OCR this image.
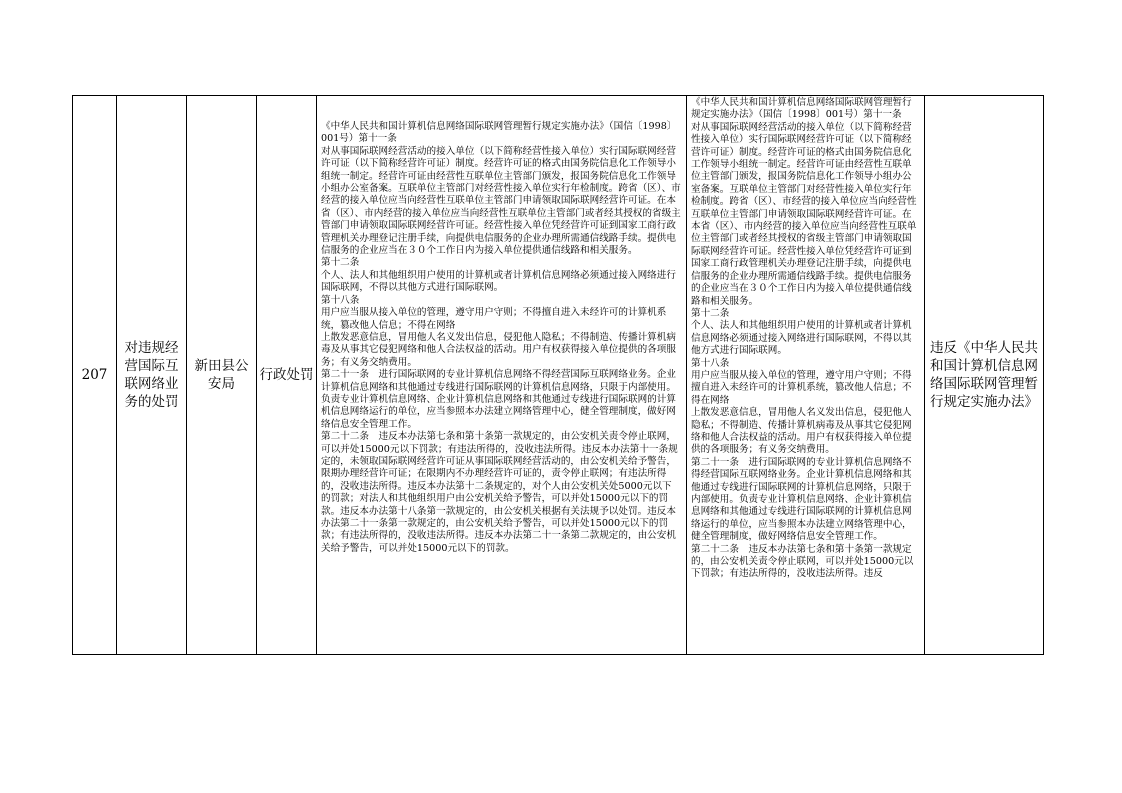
207
对违规经营国际互联网络业务的处罚
新田县公安局
行政处罚
《中华人民共和国计算机信息网络国际联网管理暂行规定实施办法》（国信〔1998〕001号）第十一条
对从事国际联网经营活动的接入单位（以下简称经营性接入单位）实行国际联网经营许可证（以下简称经营许可证）制度。经营许可证的格式由国务院信息化工作领导小组统一制定。经营许可证由经营性互联单位主管部门颁发，报国务院信息化工作领导小组办公室备案。互联单位主管部门对经营性接入单位实行年检制度。跨省（区）、市经营的接入单位应当向经营性互联单位主管部门申请领取国际联网经营许可证。在本省（区）、市内经营的接入单位应当向经营性互联单位主管部门或者经其授权的省级主管部门申请领取国际联网经营许可证。经营性接入单位凭经营许可证到国家工商行政管理机关办理登记注册手续，向提供电信服务的企业办理所需通信线路手续。提供电信服务的企业应当在３０个工作日内为接入单位提供通信线路和相关服务。
第十二条
个人、法人和其他组织用户使用的计算机或者计算机信息网络必须通过接入网络进行国际联网，不得以其他方式进行国际联网。
第十八条
用户应当服从接入单位的管理，遵守用户守则；不得擅自进入未经许可的计算机系统，篡改他人信息；不得在网络
上散发恶意信息，冒用他人名义发出信息，侵犯他人隐私；不得制造、传播计算机病毒及从事其它侵犯网络和他人合法权益的活动。用户有权获得接入单位提供的各项服务；有义务交纳费用。
第二十一条　进行国际联网的专业计算机信息网络不得经营国际互联网络业务。企业计算机信息网络和其他通过专线进行国际联网的计算机信息网络，只限于内部使用。负责专业计算机信息网络、企业计算机信息网络和其他通过专线进行国际联网的计算机信息网络运行的单位，应当参照本办法建立网络管理中心，健全管理制度，做好网络信息安全管理工作。
第二十二条　违反本办法第七条和第十条第一款规定的，由公安机关责令停止联网，可以并处15000元以下罚款；有违法所得的，没收违法所得。违反本办法第十一条规定的，未领取国际联网经营许可证从事国际联网经营活动的，由公安机关给予警告，限期办理经营许可证；在限期内不办理经营许可证的，责令停止联网；有违法所得的，没收违法所得。违反本办法第十二条规定的，对个人由公安机关处5000元以下的罚款；对法人和其他组织用户由公安机关给予警告，可以并处15000元以下的罚款。违反本办法第十八条第一款规定的，由公安机关根据有关法规予以处罚。违反本办法第二十一条第一款规定的，由公安机关给予警告，可以并处15000元以下的罚款；有违法所得的，没收违法所得。违反本办法第二十一条第二款规定的，由公安机关给予警告，可以并处15000元以下的罚款。
《中华人民共和国计算机信息网络国际联网管理暂行规定实施办法》（国信〔1998〕001号）第十一条
对从事国际联网经营活动的接入单位（以下简称经营性接入单位）实行国际联网经营许可证（以下简称经营许可证）制度。经营许可证的格式由国务院信息化工作领导小组统一制定。经营许可证由经营性互联单位主管部门颁发，报国务院信息化工作领导小组办公室备案。互联单位主管部门对经营性接入单位实行年检制度。跨省（区）、市经营的接入单位应当向经营性互联单位主管部门申请领取国际联网经营许可证。在本省（区）、市内经营的接入单位应当向经营性互联单位主管部门或者经其授权的省级主管部门申请领取国际联网经营许可证。经营性接入单位凭经营许可证到国家工商行政管理机关办理登记注册手续，向提供电信服务的企业办理所需通信线路手续。提供电信服务的企业应当在３０个工作日内为接入单位提供通信线路和相关服务。
第十二条
个人、法人和其他组织用户使用的计算机或者计算机信息网络必须通过接入网络进行国际联网，不得以其他方式进行国际联网。
第十八条
用户应当服从接入单位的管理，遵守用户守则；不得擅自进入未经许可的计算机系统，篡改他人信息；不得在网络
上散发恶意信息，冒用他人名义发出信息，侵犯他人隐私；不得制造、传播计算机病毒及从事其它侵犯网络和他人合法权益的活动。用户有权获得接入单位提供的各项服务；有义务交纳费用。
第二十一条　进行国际联网的专业计算机信息网络不得经营国际互联网络业务。企业计算机信息网络和其他通过专线进行国际联网的计算机信息网络，只限于内部使用。负责专业计算机信息网络、企业计算机信息网络和其他通过专线进行国际联网的计算机信息网络运行的单位，应当参照本办法建立网络管理中心，健全管理制度，做好网络信息安全管理工作。
第二十二条　违反本办法第七条和第十条第一款规定的，由公安机关责令停止联网，可以并处15000元以下罚款；有违法所得的，没收违法所得。违反
违反《中华人民共和国计算机信息网络国际联网管理暂行规定实施办法》
